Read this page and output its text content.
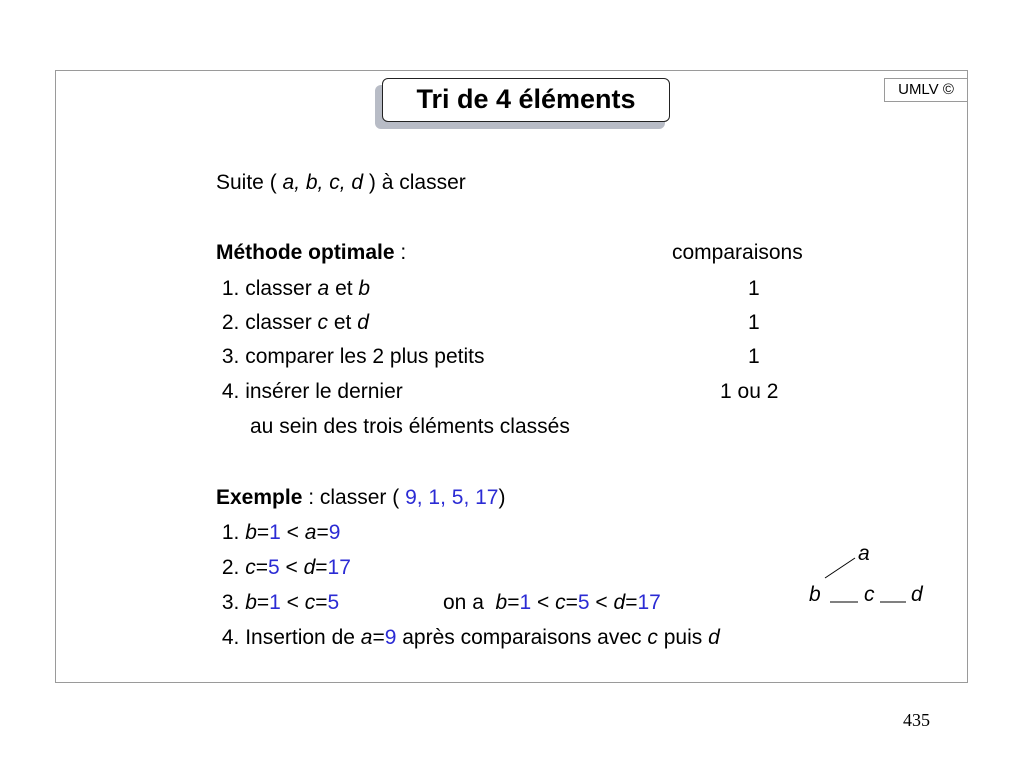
UMLV ©
Tri de 4 éléments
Suite ( a, b, c, d ) à classer
Méthode optimale :	comparaisons
1. classer a et b	1
2. classer c et d	1
3. comparer les 2 plus petits	1
4. insérer le dernier	1 ou 2
au sein des trois éléments classés
Exemple : classer ( 9, 1, 5, 17)
1. b=1 < a=9
2. c=5 < d=17
3. b=1 < c=5	on a  b=1 < c=5 < d=17
4. Insertion de a=9 après comparaisons avec c puis d
a
b c d
435
